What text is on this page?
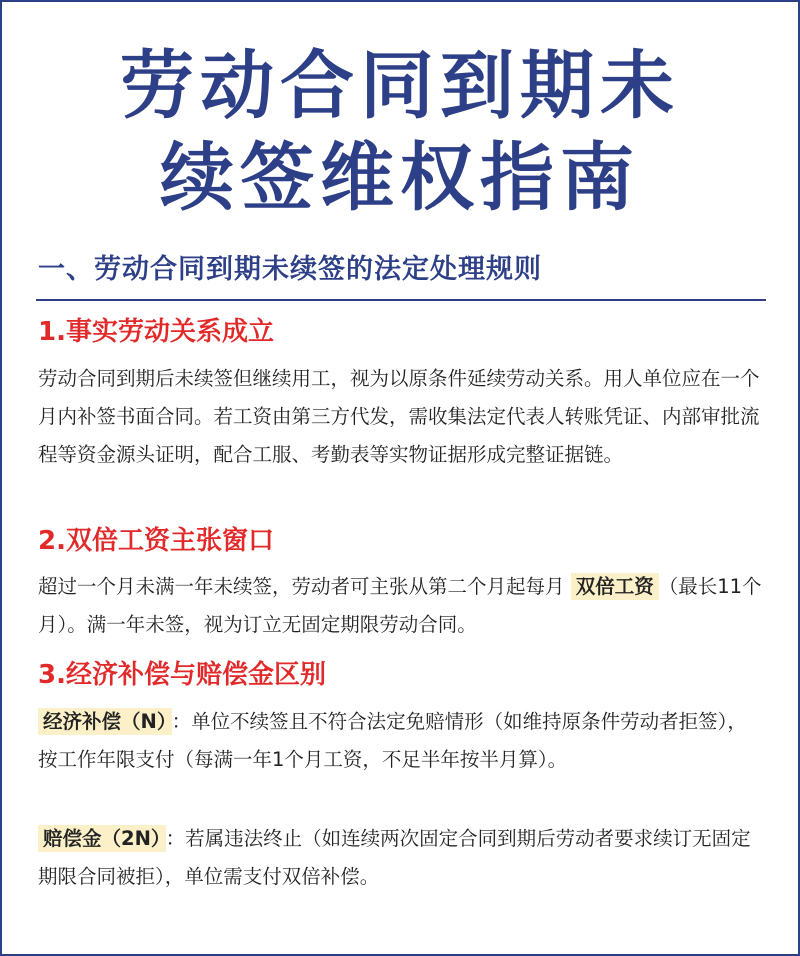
劳动合同到期未
续签维权指南
一、劳动合同到期未续签的法定处理规则
1.事实劳动关系成立
劳动合同到期后未续签但继续用工，视为以原条件延续劳动关系。用人单位应在一个月内补签书面合同。若工资由第三方代发，需收集法定代表人转账凭证、内部审批流程等资金源头证明，配合工服、考勤表等实物证据形成完整证据链。
2.双倍工资主张窗口
超过一个月未满一年未续签，劳动者可主张从第二个月起每月 双倍工资 （最长11个月）。满一年未签，视为订立无固定期限劳动合同。
3.经济补偿与赔偿金区别
经济补偿（N） ：单位不续签且不符合法定免赔情形（如维持原条件劳动者拒签），按工作年限支付（每满一年1个月工资，不足半年按半月算）。
赔偿金（2N） ：若属违法终止（如连续两次固定合同到期后劳动者要求续订无固定期限合同被拒），单位需支付双倍补偿。
